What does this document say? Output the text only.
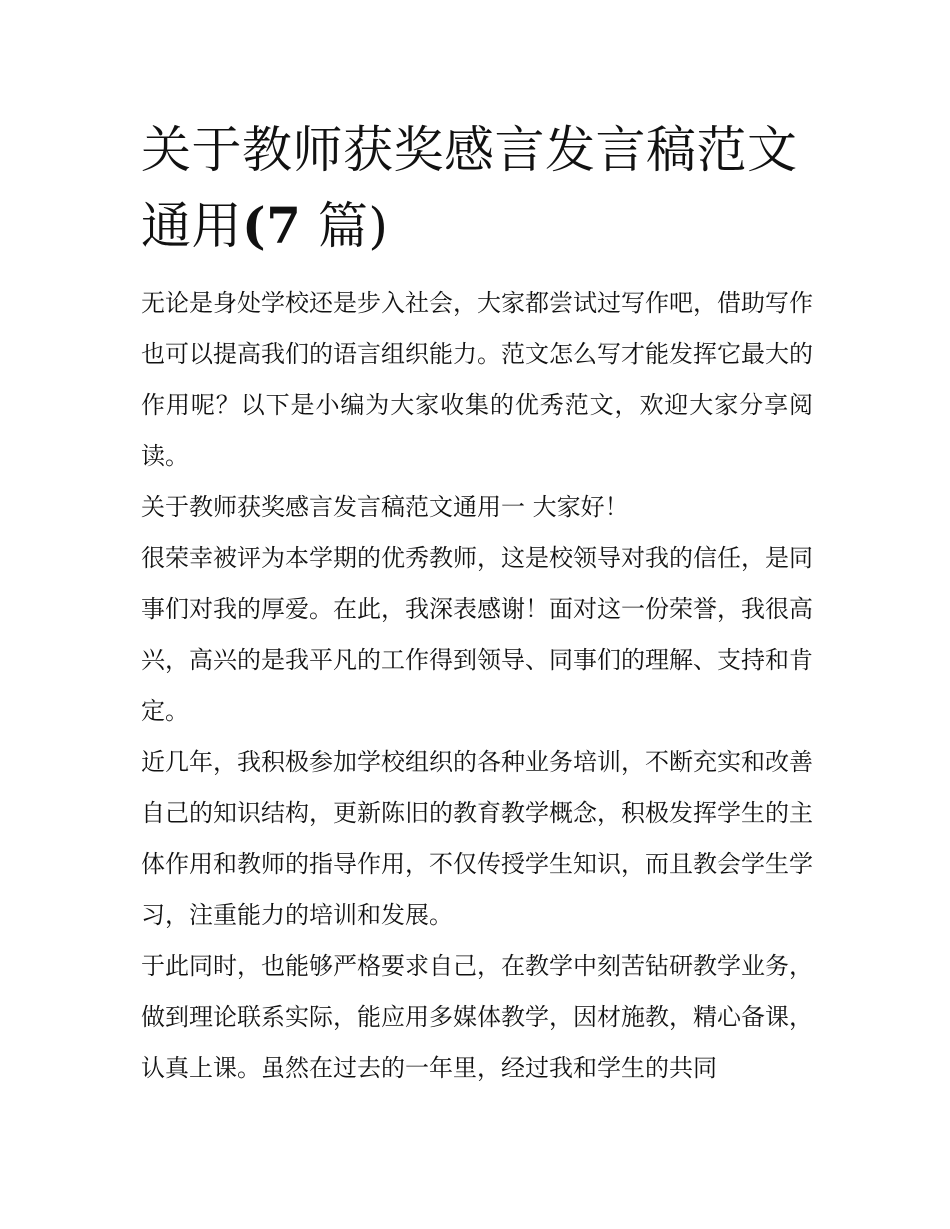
关于教师获奖感言发言稿范文
通用(7 篇)

无论是身处学校还是步入社会，大家都尝试过写作吧，借助写作也可以提高我们的语言组织能力。范文怎么写才能发挥它最大的作用呢？以下是小编为大家收集的优秀范文，欢迎大家分享阅读。

关于教师获奖感言发言稿范文通用一 大家好！

很荣幸被评为本学期的优秀教师，这是校领导对我的信任，是同事们对我的厚爱。在此，我深表感谢！面对这一份荣誉，我很高兴，高兴的是我平凡的工作得到领导、同事们的理解、支持和肯定。

近几年，我积极参加学校组织的各种业务培训，不断充实和改善自己的知识结构，更新陈旧的教育教学概念，积极发挥学生的主体作用和教师的指导作用，不仅传授学生知识，而且教会学生学习，注重能力的培训和发展。

于此同时，也能够严格要求自己，在教学中刻苦钻研教学业务，做到理论联系实际，能应用多媒体教学，因材施教，精心备课，认真上课。虽然在过去的一年里，经过我和学生的共同
